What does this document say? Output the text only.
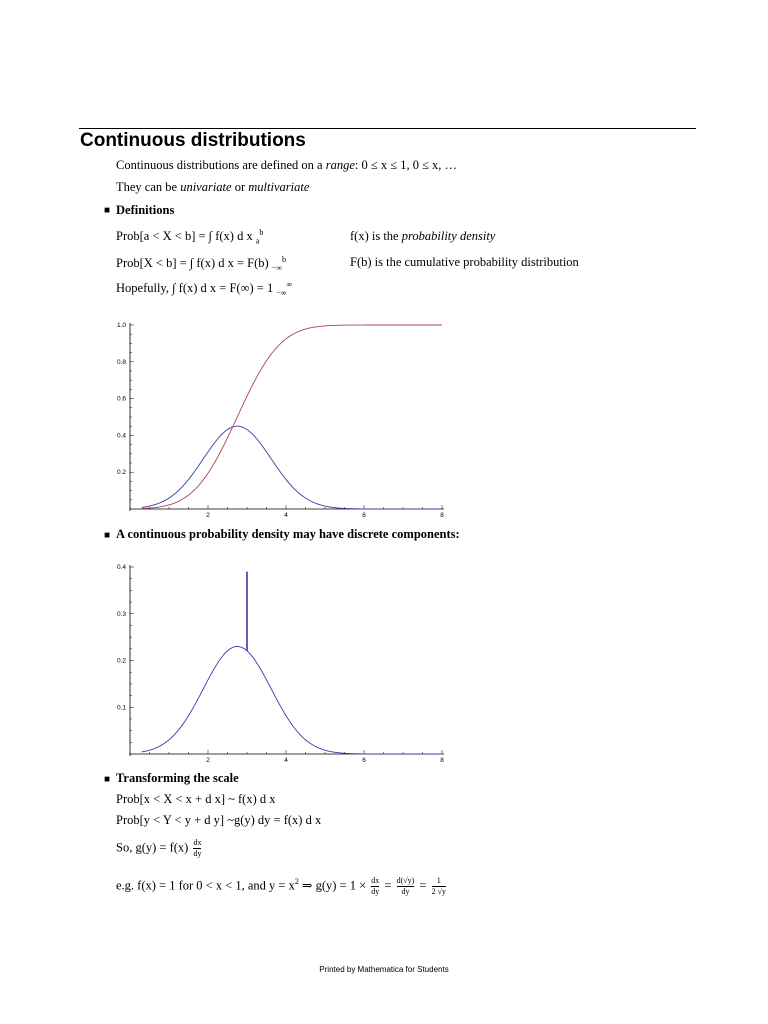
Continuous distributions
Continuous distributions are defined on a range: 0 ≤ x ≤ 1, 0 ≤ x, …
They can be univariate or multivariate
■ Definitions
Prob[a < X < b] = ∫ f(x) d x $_a^b$	f(x) is the probability density
Prob[X < b] = ∫ f(x) d x = F(b) $_{-\infty}^b$	F(b) is the cumulative probability distribution
Hopefully, ∫ f(x) d x = F(∞) = 1 $_{-\infty}$∞
2	4	6	8
0.2
0.4
0.6
0.8
1.0
■ A continuous probability density may have discrete components:
2	4	6	8
0.1
0.2
0.3
0.4
■ Transforming the scale
Prob[x < X < x + d x] ~ f(x) d x
Prob[y < Y < y + d y] ~g(y) dy = f(x) d x
So, $g(y) = f(x) \frac{dx}{dy}$
e.g. f(x) = 1 for 0 < x < 1, and $y = x^2$ ⇒ $g(y) = 1 \times \frac{dx}{dy} = \frac{d(√y)}{dy} = \frac{1}{2 √y}$
Printed by Mathematica for Students
